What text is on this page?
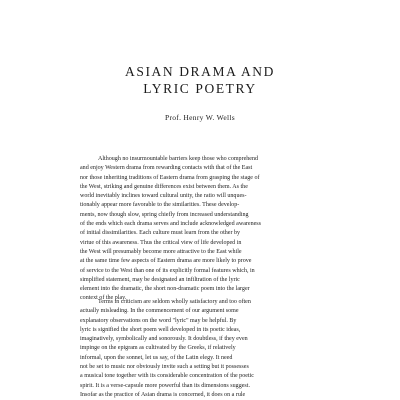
ASIAN DRAMA AND
LYRIC POETRY

Prof. Henry W. Wells

Although no insurmountable barriers keep those who comprehend
and enjoy Western drama from rewarding contacts with that of the East
nor those inheriting traditions of Eastern drama from grasping the stage of
the West, striking and genuine differences exist between them. As the
world inevitably inclines toward cultural unity, the ratio will unques-
tionably appear more favorable to the similarities. These develop-
ments, now though slow, spring chiefly from increased understanding
of the ends which each drama serves and include acknowledged awareness
of initial dissimilarities. Each culture must learn from the other by
virtue of this awareness. Thus the critical view of life developed in
the West will presumably become more attractive to the East while
at the same time few aspects of Eastern drama are more likely to prove
of service to the West than one of its explicitly formal features which, in
simplified statement, may be designated an infiltration of the lyric
element into the dramatic, the short non-dramatic poem into the larger
context of the play.
Terms in criticism are seldom wholly satisfactory and too often
actually misleading. In the commencement of our argument some
explanatory observations on the word "lyric" may be helpful. By
lyric is signified the short poem well developed in its poetic ideas,
imaginatively, symbolically and sonorously. It doubtless, if they even
impinge on the epigram as cultivated by the Greeks, if relatively
informal, upon the sonnet, let us say, of the Latin elegy. It need
not be set to music nor obviously invite such a setting but it possesses
a musical tone together with its considerable concentration of the poetic
spirit. It is a verse-capsule more powerful than its dimensions suggest.
Insofar as the practice of Asian drama is concerned, it does on a rule
